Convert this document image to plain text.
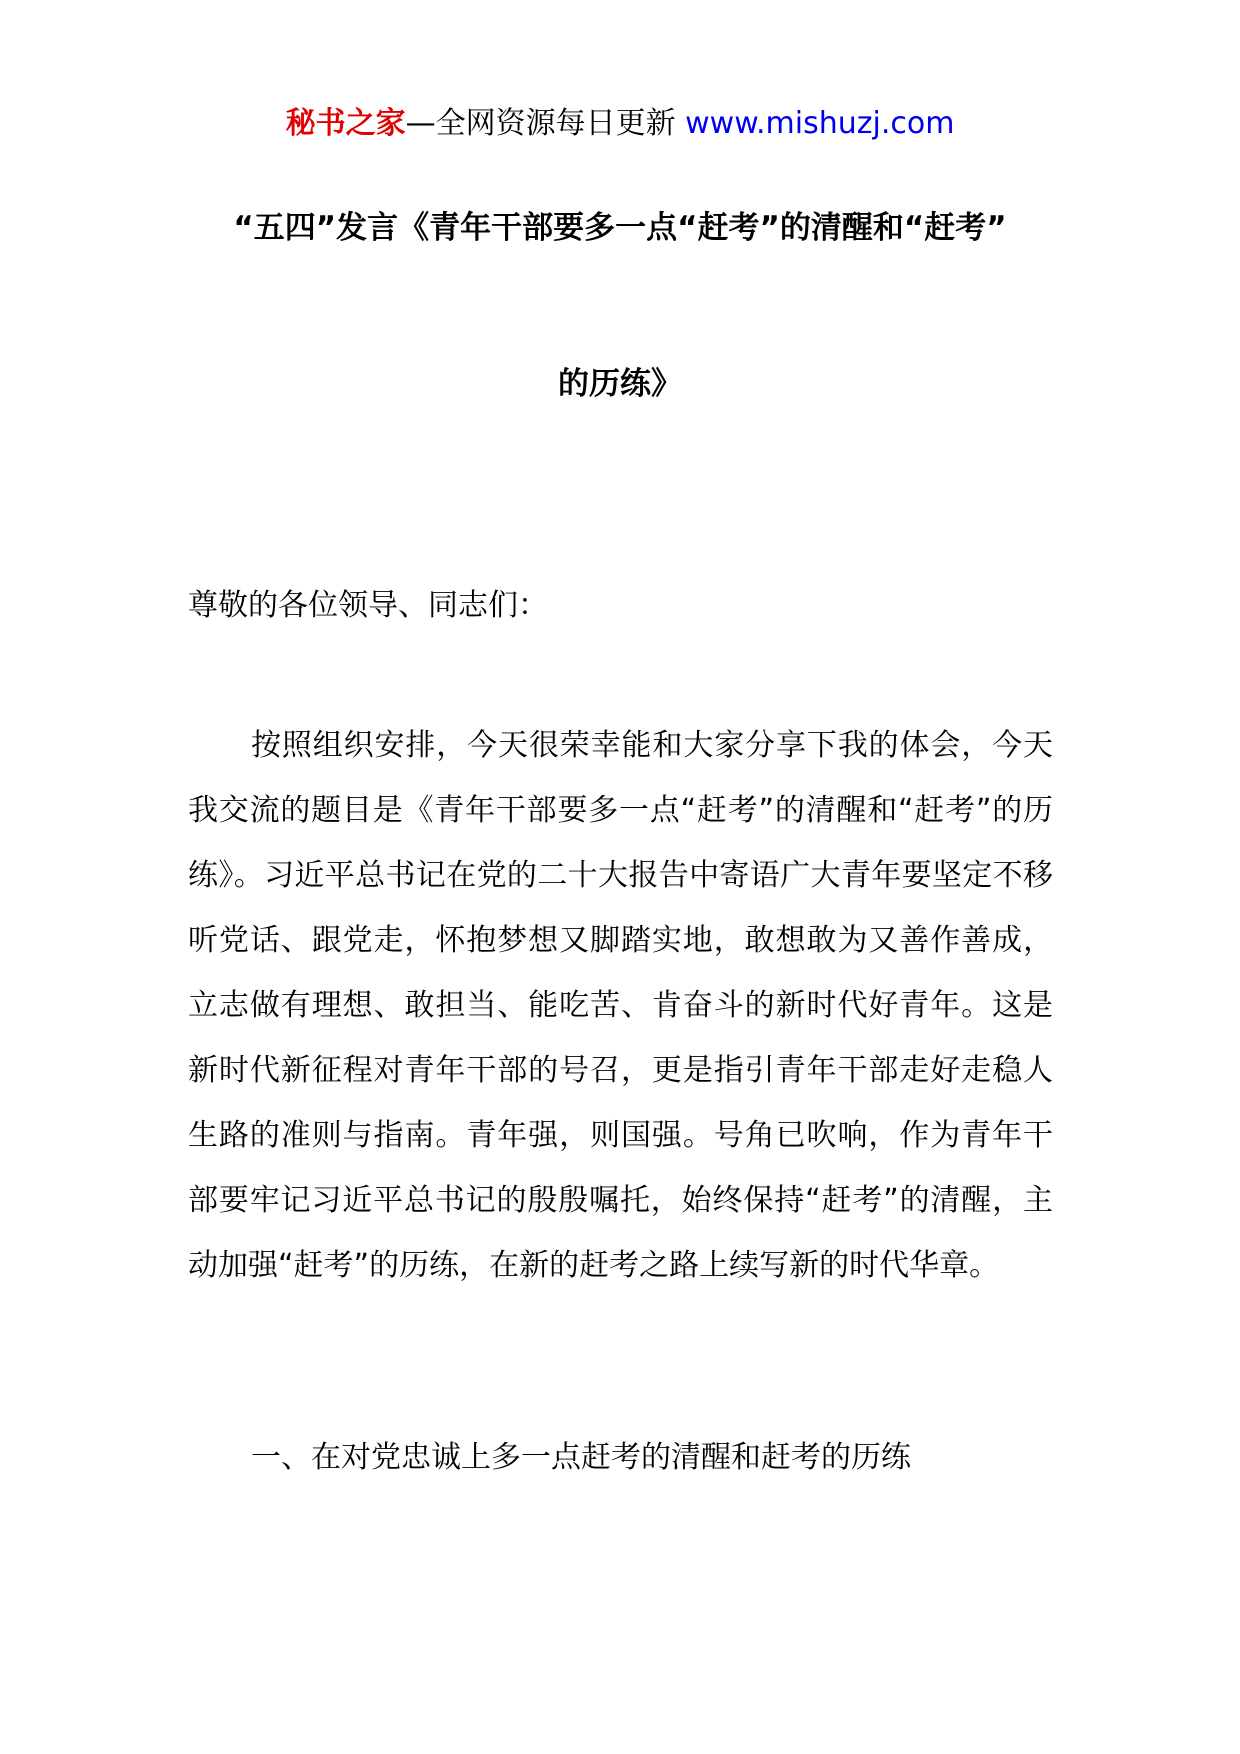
秘书之家—全网资源每日更新 www.mishuzj.com
“五四”发言《青年干部要多一点“赶考”的清醒和“赶考”
的历练》
尊敬的各位领导、同志们：
按照组织安排，今天很荣幸能和大家分享下我的体会，今天我交流的题目是《青年干部要多一点“赶考”的清醒和“赶考”的历练》。习近平总书记在党的二十大报告中寄语广大青年要坚定不移听党话、跟党走，怀抱梦想又脚踏实地，敢想敢为又善作善成，立志做有理想、敢担当、能吃苦、肯奋斗的新时代好青年。这是新时代新征程对青年干部的号召，更是指引青年干部走好走稳人生路的准则与指南。青年强，则国强。号角已吹响，作为青年干部要牢记习近平总书记的殷殷嘱托，始终保持“赶考”的清醒，主动加强“赶考”的历练，在新的赶考之路上续写新的时代华章。
一、在对党忠诚上多一点赶考的清醒和赶考的历练
